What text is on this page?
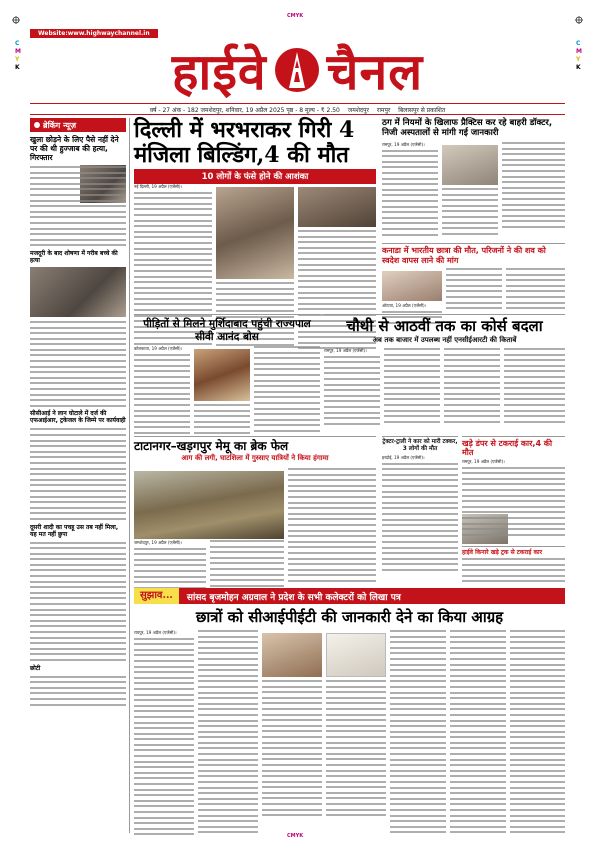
CMYK
CMYK
C
M
Y
K
C
M
Y
K
Website:www.highwaychannel.in
हाईवे चैनल
वर्ष - 27 अंक - 182 जमशेदपुर, शनिवार, 19 अप्रैल 2025 पृष्ठ - 8 मूल्य - ₹ 2.50 जमशेदपुर रामपुर बिलासपुर से प्रकाशित
ब्रेकिंग न्यूज़
खुला छोड़ने के लिए पैसे नहीं देने पर की थी हुज्जाब की हत्या, गिरफ्तार
मजदूरी के बाद शोषणा में गरीब बच्चे की हत्या
सीसीआई ने लान घोटाले में दर्ज की एफआईआर, ट्रकेजल के जिम्मे पर कार्यवाही
दूसरी शादी का पचहू उस तब नहीं मिला, यह मत नहीं छुपा
छोटी
दिल्ली में भरभराकर गिरी 4 मंजिला बिल्डिंग,4 की मौत
10 लोगों के फंसे होने की आशंका
नई दिल्ली, 19 अप्रैल (एजेंसी)।
ठग में नियमों के खिलाफ प्रैक्टिस कर रहे बाहरी डॉक्टर, निजी अस्पतालों से मांगी गई जानकारी
रामपुर, 19 अप्रैल (एजेंसी)।
कनाडा में भारतीय छात्रा की मौत, परिजनों ने की शव को स्वदेश वापस लाने की मांग
ओटावा, 19 अप्रैल (एजेंसी)।
पीड़ितों से मिलने मुर्शिदाबाद पहुंची राज्यपाल सीवी आनंद बोस
कोलकाता, 19 अप्रैल (एजेंसी)।
चौथी से आठवीं तक का कोर्स बदला
अब तक बाजार में उपलब्ध नहीं एनसीईआरटी की किताबें
रामपुर, 19 अप्रैल (एजेंसी)।
टाटानगर–खड़गपुर मेमू का ब्रेक फेल
आग की लगी, घाटशिला में गुस्साए यात्रियों ने किया हंगामा
जमशेदपुर, 19 अप्रैल (एजेंसी)।
ट्रेक्टर-ट्राली ने कार को मारी टक्कर, 3 लोगों की मौत
हरदोई, 19 अप्रैल (एजेंसी)।
खड़े डंपर से टकराई कार,4 की मौत
रामपुर, 19 अप्रैल (एजेंसी)।
हाईवे किनारे खड़े ट्रक से टकराई कार
सुझाव...	सांसद बृजमोहन अग्रवाल ने प्रदेश के सभी कलेक्टरों को लिखा पत्र
छात्रों को सीआईपीईटी की जानकारी देने का किया आग्रह
रायपुर, 19 अप्रैल (एजेंसी)।
